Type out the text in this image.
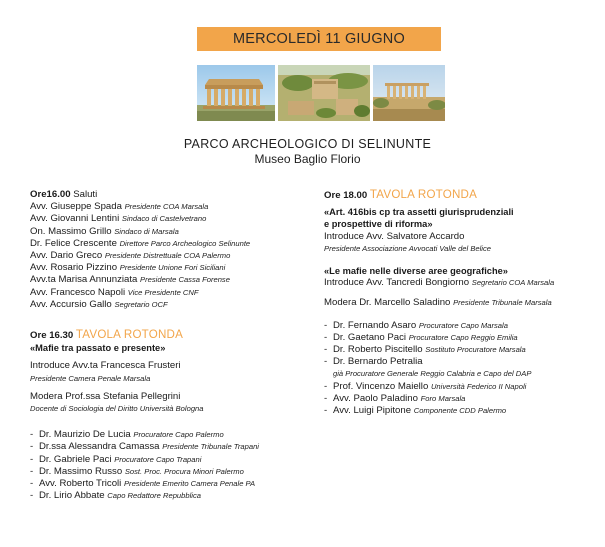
MERCOLEDÌ 11 GIUGNO
PARCO ARCHEOLOGICO DI SELINUNTE
Museo Baglio Florio
Ore16.00 Saluti
Avv. Giuseppe Spada Presidente COA Marsala
Avv. Giovanni Lentini Sindaco di Castelvetrano
On. Massimo Grillo Sindaco di Marsala
Dr. Felice Crescente Direttore Parco Archeologico Selinunte
Avv. Dario Greco Presidente Distrettuale COA Palermo
Avv. Rosario Pizzino Presidente Unione Fori Siciliani
Avv.ta Marisa Annunziata Presidente Cassa Forense
Avv. Francesco Napoli Vice Presidente CNF
Avv. Accursio Gallo Segretario OCF
Ore 16.30 TAVOLA ROTONDA
«Mafie tra passato e presente»
Introduce Avv.ta Francesca Frusteri
Presidente Camera Penale Marsala
Modera Prof.ssa Stefania Pellegrini
Docente di Sociologia del Diritto Università Bologna
- Dr. Maurizio De Lucia Procuratore Capo Palermo
- Dr.ssa Alessandra Camassa Presidente Tribunale Trapani
- Dr. Gabriele Paci Procuratore Capo Trapani
- Dr. Massimo Russo Sost. Proc. Procura Minori Palermo
- Avv. Roberto Tricoli Presidente Emerito Camera Penale PA
- Dr. Lirio Abbate Capo Redattore Repubblica
Ore 18.00 TAVOLA ROTONDA
«Art. 416bis cp tra assetti giurisprudenziali
e prospettive di riforma»
Introduce Avv. Salvatore Accardo
Presidente Associazione Avvocati Valle del Belice
«Le mafie nelle diverse aree geografiche»
Introduce Avv. Tancredi Bongiorno Segretario COA Marsala
Modera Dr. Marcello Saladino Presidente Tribunale Marsala
- Dr. Fernando Asaro Procuratore Capo Marsala
- Dr. Gaetano Paci Procuratore Capo Reggio Emilia
- Dr. Roberto Piscitello Sostituto Procuratore Marsala
- Dr. Bernardo Petralia
già Procuratore Generale Reggio Calabria e Capo del DAP
- Prof. Vincenzo Maiello Università Federico II Napoli
- Avv. Paolo Paladino Foro Marsala
- Avv. Luigi Pipitone Componente CDD Palermo
